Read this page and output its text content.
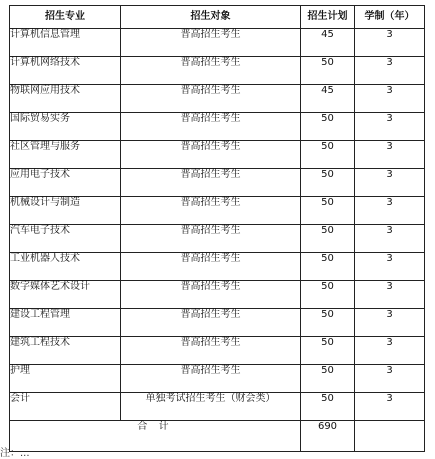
招生专业	招生对象	招生计划	学制（年）
计算机信息管理	普高招生考生	45	3
计算机网络技术	普高招生考生	50	3
物联网应用技术	普高招生考生	45	3
国际贸易实务	普高招生考生	50	3
社区管理与服务	普高招生考生	50	3
应用电子技术	普高招生考生	50	3
机械设计与制造	普高招生考生	50	3
汽车电子技术	普高招生考生	50	3
工业机器人技术	普高招生考生	50	3
数字媒体艺术设计	普高招生考生	50	3
建设工程管理	普高招生考生	50	3
建筑工程技术	普高招生考生	50	3
护理	普高招生考生	50	3
会计	单独考试招生考生（财会类）	50	3
合 计		690	
注：...
